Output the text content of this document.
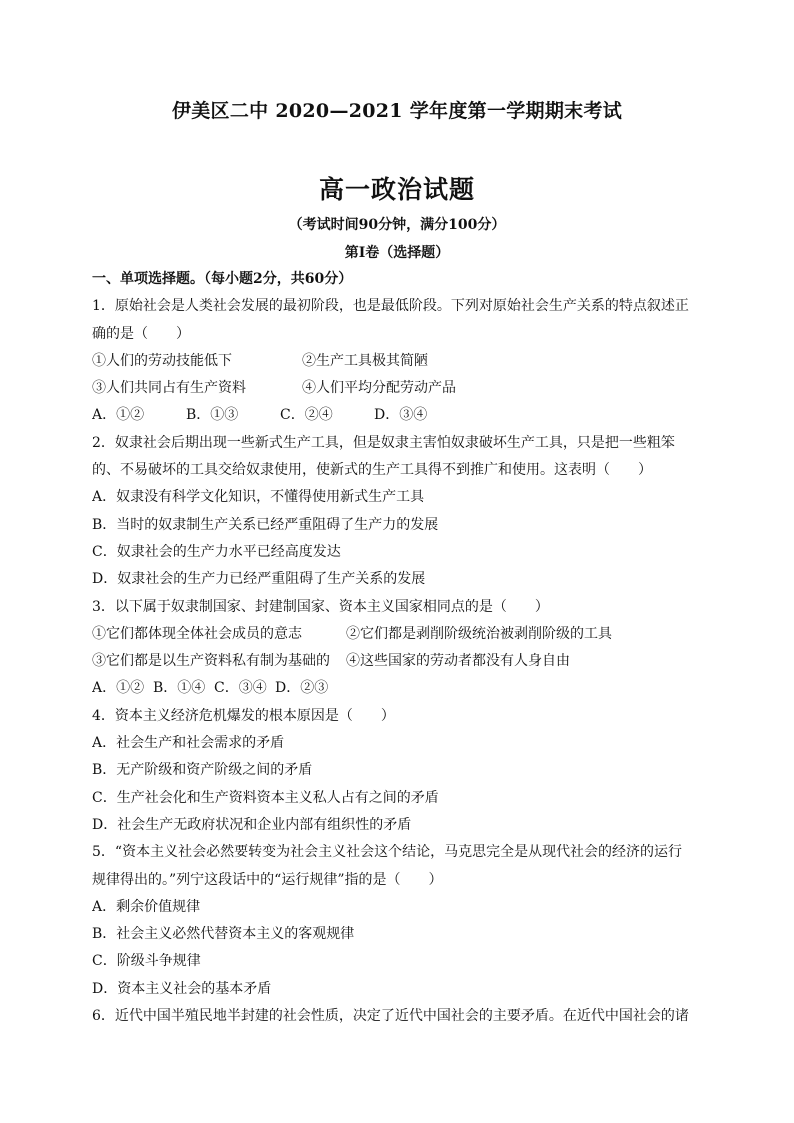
伊美区二中 2020—2021 学年度第一学期期末考试
高一政治试题
（考试时间90分钟，满分100分）
第Ⅰ卷（选择题）
一、单项选择题。（每小题2分，共60分）
1．原始社会是人类社会发展的最初阶段，也是最低阶段。下列对原始社会生产关系的特点叙述正
确的是（　　）
①人们的劳动技能低下	②生产工具极其简陋
③人们共同占有生产资料	④人们平均分配劳动产品
A．①②	B．①③	C．②④	D．③④
2．奴隶社会后期出现一些新式生产工具，但是奴隶主害怕奴隶破坏生产工具，只是把一些粗笨
的、不易破坏的工具交给奴隶使用，使新式的生产工具得不到推广和使用。这表明（　　）
A．奴隶没有科学文化知识，不懂得使用新式生产工具
B．当时的奴隶制生产关系已经严重阻碍了生产力的发展
C．奴隶社会的生产力水平已经高度发达
D．奴隶社会的生产力已经严重阻碍了生产关系的发展
3．以下属于奴隶制国家、封建制国家、资本主义国家相同点的是（　　）
①它们都体现全体社会成员的意志	②它们都是剥削阶级统治被剥削阶级的工具
③它们都是以生产资料私有制为基础的 ④这些国家的劳动者都没有人身自由
A．①② B．①④ C．③④ D．②③
4．资本主义经济危机爆发的根本原因是（　　）
A．社会生产和社会需求的矛盾
B．无产阶级和资产阶级之间的矛盾
C．生产社会化和生产资料资本主义私人占有之间的矛盾
D．社会生产无政府状况和企业内部有组织性的矛盾
5．“资本主义社会必然要转变为社会主义社会这个结论，马克思完全是从现代社会的经济的运行
规律得出的。”列宁这段话中的“运行规律”指的是（　　）
A．剩余价值规律
B．社会主义必然代替资本主义的客观规律
C．阶级斗争规律
D．资本主义社会的基本矛盾
6．近代中国半殖民地半封建的社会性质，决定了近代中国社会的主要矛盾。在近代中国社会的诸
